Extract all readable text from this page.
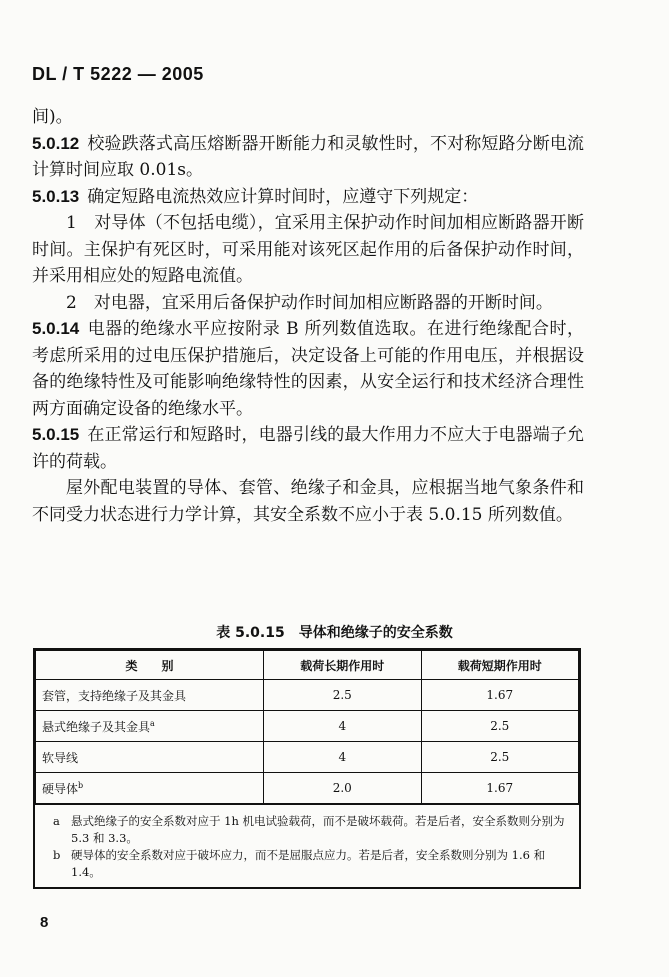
DL / T 5222 — 2005

间)。

5.0.12 校验跌落式高压熔断器开断能力和灵敏性时，不对称短路分断电流计算时间应取 0.01s。

5.0.13 确定短路电流热效应计算时间时，应遵守下列规定：

1　对导体（不包括电缆），宜采用主保护动作时间加相应断路器开断时间。主保护有死区时，可采用能对该死区起作用的后备保护动作时间，并采用相应处的短路电流值。

2　对电器，宜采用后备保护动作时间加相应断路器的开断时间。

5.0.14 电器的绝缘水平应按附录 B 所列数值选取。在进行绝缘配合时，考虑所采用的过电压保护措施后，决定设备上可能的作用电压，并根据设备的绝缘特性及可能影响绝缘特性的因素，从安全运行和技术经济合理性两方面确定设备的绝缘水平。

5.0.15 在正常运行和短路时，电器引线的最大作用力不应大于电器端子允许的荷载。

屋外配电装置的导体、套管、绝缘子和金具，应根据当地气象条件和不同受力状态进行力学计算，其安全系数不应小于表 5.0.15 所列数值。

表 5.0.15　导体和绝缘子的安全系数
类　　别	载荷长期作用时	载荷短期作用时
套管，支持绝缘子及其金具	2.5	1.67
悬式绝缘子及其金具$^a$	4	2.5
软导线	4	2.5
硬导体$^b$	2.0	1.67
a 悬式绝缘子的安全系数对应于 1h 机电试验载荷，而不是破坏载荷。若是后者，安全系数则分别为 5.3 和 3.3。
b 硬导体的安全系数对应于破坏应力，而不是屈服点应力。若是后者，安全系数则分别为 1.6 和 1.4。
8
